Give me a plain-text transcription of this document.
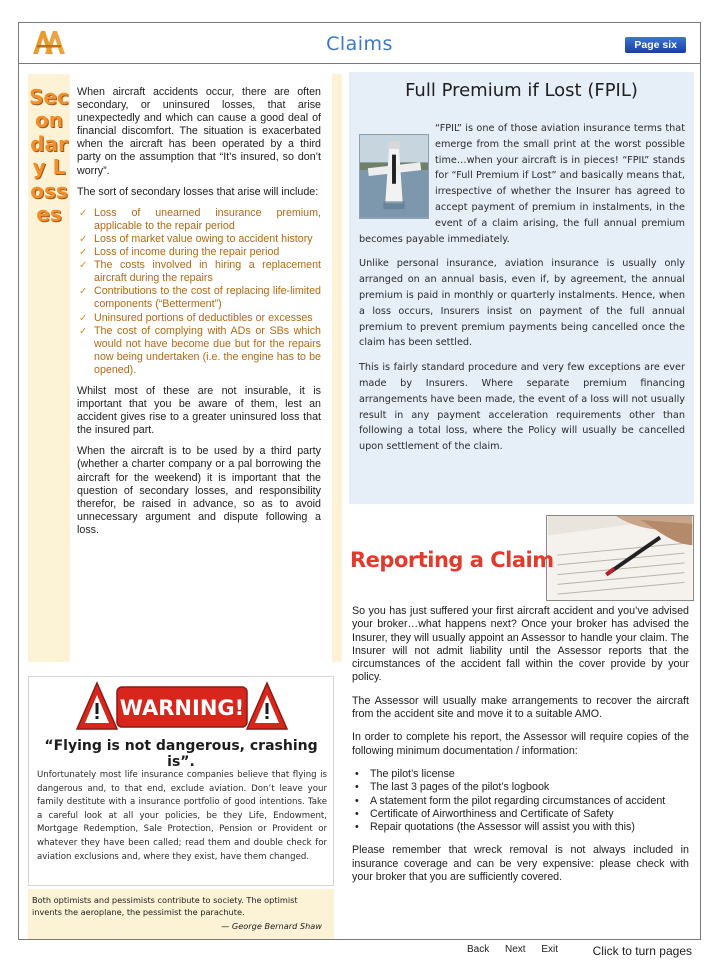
Claims	Page six
Secondary Losses

When aircraft accidents occur, there are often secondary, or uninsured losses, that arise unexpectedly and which can cause a good deal of financial discomfort. The situation is exacerbated when the aircraft has been operated by a third party on the assumption that “It’s insured, so don’t worry”.

The sort of secondary losses that arise will include:

✓ Loss of unearned insurance premium, applicable to the repair period
✓ Loss of market value owing to accident history
✓ Loss of income during the repair period
✓ The costs involved in hiring a replacement aircraft during the repairs
✓ Contributions to the cost of replacing life-limited components (“Betterment”)
✓ Uninsured portions of deductibles or excesses
✓ The cost of complying with ADs or SBs which would not have become due but for the repairs now being undertaken (i.e. the engine has to be opened).

Whilst most of these are not insurable, it is important that you be aware of them, lest an accident gives rise to a greater uninsured loss that the insured part.

When the aircraft is to be used by a third party (whether a charter company or a pal borrowing the aircraft for the weekend) it is important that the question of secondary losses, and responsibility therefor, be raised in advance, so as to avoid unnecessary argument and dispute following a loss.

Full Premium if Lost (FPIL)

“FPIL” is one of those aviation insurance terms that emerge from the small print at the worst possible time…when your aircraft is in pieces! “FPIL” stands for “Full Premium if Lost” and basically means that, irrespective of whether the Insurer has agreed to accept payment of premium in instalments, in the event of a claim arising, the full annual premium becomes payable immediately.

Unlike personal insurance, aviation insurance is usually only arranged on an annual basis, even if, by agreement, the annual premium is paid in monthly or quarterly instalments. Hence, when a loss occurs, Insurers insist on payment of the full annual premium to prevent premium payments being cancelled once the claim has been settled.

This is fairly standard procedure and very few exceptions are ever made by Insurers. Where separate premium financing arrangements have been made, the event of a loss will not usually result in any payment acceleration requirements other than following a total loss, where the Policy will usually be cancelled upon settlement of the claim.

Reporting a Claim

So you has just suffered your first aircraft accident and you’ve advised your broker…what happens next? Once your broker has advised the Insurer, they will usually appoint an Assessor to handle your claim. The Insurer will not admit liability until the Assessor reports that the circumstances of the accident fall within the cover provide by your policy.

The Assessor will usually make arrangements to recover the aircraft from the accident site and move it to a suitable AMO.

In order to complete his report, the Assessor will require copies of the following minimum documentation / information:

• The pilot’s license
• The last 3 pages of the pilot’s logbook
• A statement form the pilot regarding circumstances of accident
• Certificate of Airworthiness and Certificate of Safety
• Repair quotations (the Assessor will assist you with this)

Please remember that wreck removal is not always included in insurance coverage and can be very expensive: please check with your broker that you are sufficiently covered.

WARNING!
“Flying is not dangerous, crashing is”.
Unfortunately most life insurance companies believe that flying is dangerous and, to that end, exclude aviation. Don’t leave your family destitute with a insurance portfolio of good intentions. Take a careful look at all your policies, be they Life, Endowment, Mortgage Redemption, Sale Protection, Pension or Provident or whatever they have been called; read them and double check for aviation exclusions and, where they exist, have them changed.
Both optimists and pessimists contribute to society. The optimist invents the aeroplane, the pessimist the parachute.
— George Bernard Shaw
Back Next Exit	Click to turn pages
